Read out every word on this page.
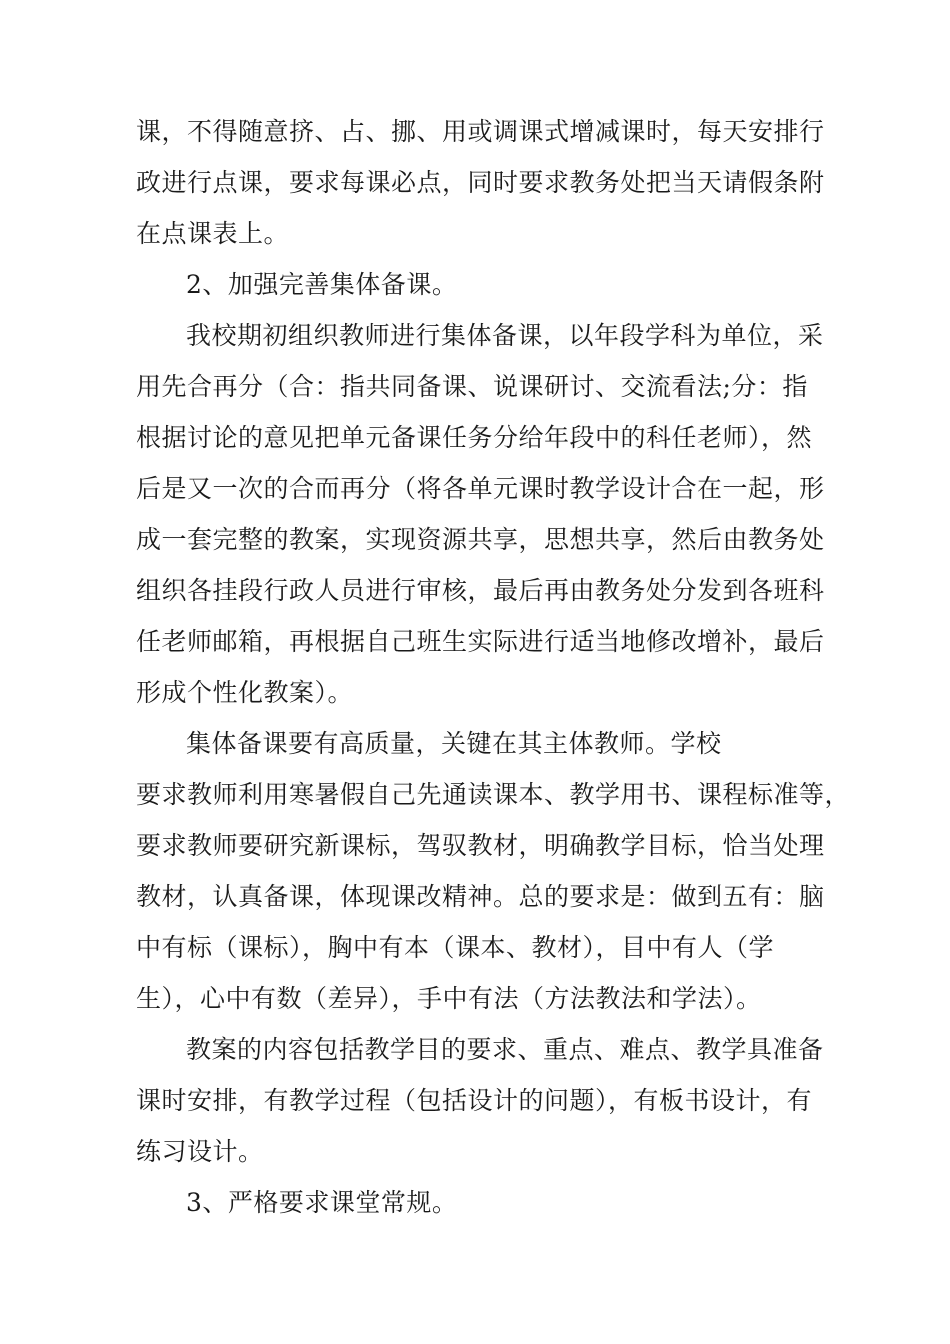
课，不得随意挤、占、挪、用或调课式增减课时，每天安排行
政进行点课，要求每课必点，同时要求教务处把当天请假条附
在点课表上。
2、加强完善集体备课。
我校期初组织教师进行集体备课，以年段学科为单位，采
用先合再分（合：指共同备课、说课研讨、交流看法;分：指
根据讨论的意见把单元备课任务分给年段中的科任老师），然
后是又一次的合而再分（将各单元课时教学设计合在一起，形
成一套完整的教案，实现资源共享，思想共享，然后由教务处
组织各挂段行政人员进行审核，最后再由教务处分发到各班科
任老师邮箱，再根据自己班生实际进行适当地修改增补，最后
形成个性化教案）。
集体备课要有高质量，关键在其主体教师。学校
要求教师利用寒暑假自己先通读课本、教学用书、课程标准等，
要求教师要研究新课标，驾驭教材，明确教学目标，恰当处理
教材，认真备课，体现课改精神。总的要求是：做到五有：脑
中有标（课标），胸中有本（课本、教材），目中有人（学
生），心中有数（差异），手中有法（方法教法和学法）。
教案的内容包括教学目的要求、重点、难点、教学具准备
课时安排，有教学过程（包括设计的问题），有板书设计，有
练习设计。
3、严格要求课堂常规。
